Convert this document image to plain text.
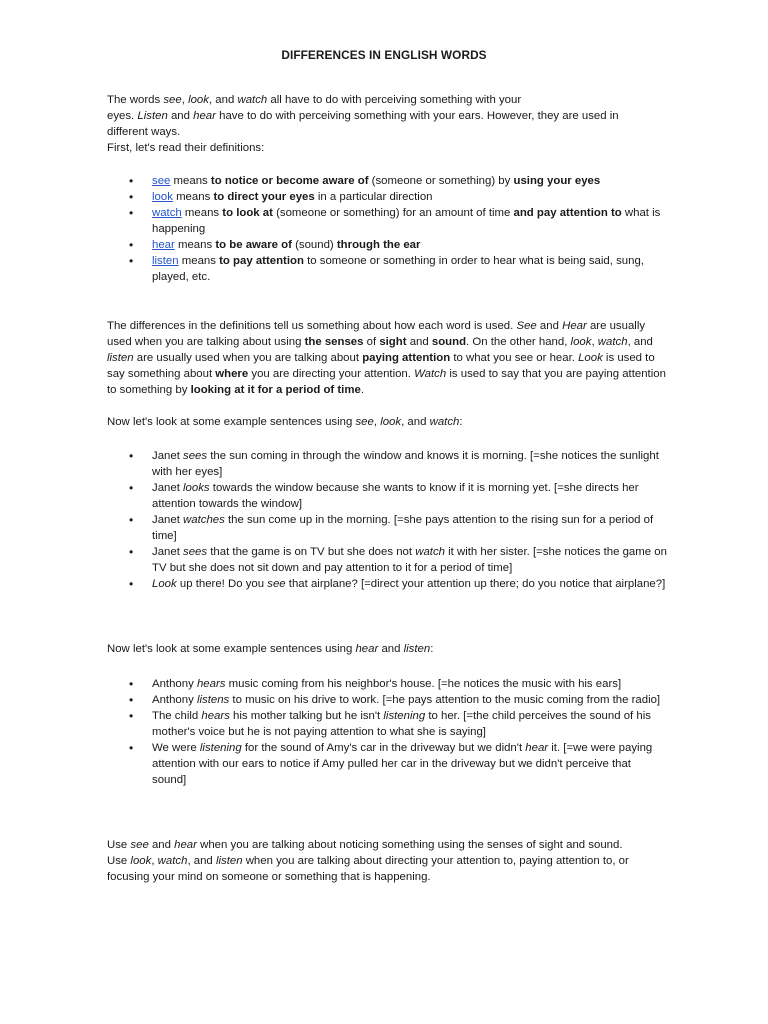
DIFFERENCES IN ENGLISH WORDS

The words see, look, and watch all have to do with perceiving something with your

eyes. Listen and hear have to do with perceiving something with your ears. However, they are used in

different ways.

First, let's read their definitions:

• see means to notice or become aware of (someone or something) by using your eyes
• look means to direct your eyes in a particular direction
• watch means to look at (someone or something) for an amount of time and pay attention to what is happening
• hear means to be aware of (sound) through the ear
• listen means to pay attention to someone or something in order to hear what is being said, sung, played, etc.

The differences in the definitions tell us something about how each word is used. See and Hear are usually used when you are talking about using the senses of sight and sound. On the other hand, look, watch, and listen are usually used when you are talking about paying attention to what you see or hear. Look is used to say something about where you are directing your attention. Watch is used to say that you are paying attention to something by looking at it for a period of time.

Now let's look at some example sentences using see, look, and watch:

• Janet sees the sun coming in through the window and knows it is morning. [=she notices the sunlight with her eyes]
• Janet looks towards the window because she wants to know if it is morning yet. [=she directs her attention towards the window]
• Janet watches the sun come up in the morning. [=she pays attention to the rising sun for a period of time]
• Janet sees that the game is on TV but she does not watch it with her sister. [=she notices the game on TV but she does not sit down and pay attention to it for a period of time]
• Look up there! Do you see that airplane? [=direct your attention up there; do you notice that airplane?]

Now let's look at some example sentences using hear and listen:

• Anthony hears music coming from his neighbor's house. [=he notices the music with his ears]
• Anthony listens to music on his drive to work. [=he pays attention to the music coming from the radio]
• The child hears his mother talking but he isn't listening to her. [=the child perceives the sound of his mother's voice but he is not paying attention to what she is saying]
• We were listening for the sound of Amy's car in the driveway but we didn't hear it. [=we were paying attention with our ears to notice if Amy pulled her car in the driveway but we didn't perceive that sound]

Use see and hear when you are talking about noticing something using the senses of sight and sound.

Use look, watch, and listen when you are talking about directing your attention to, paying attention to, or focusing your mind on someone or something that is happening.
